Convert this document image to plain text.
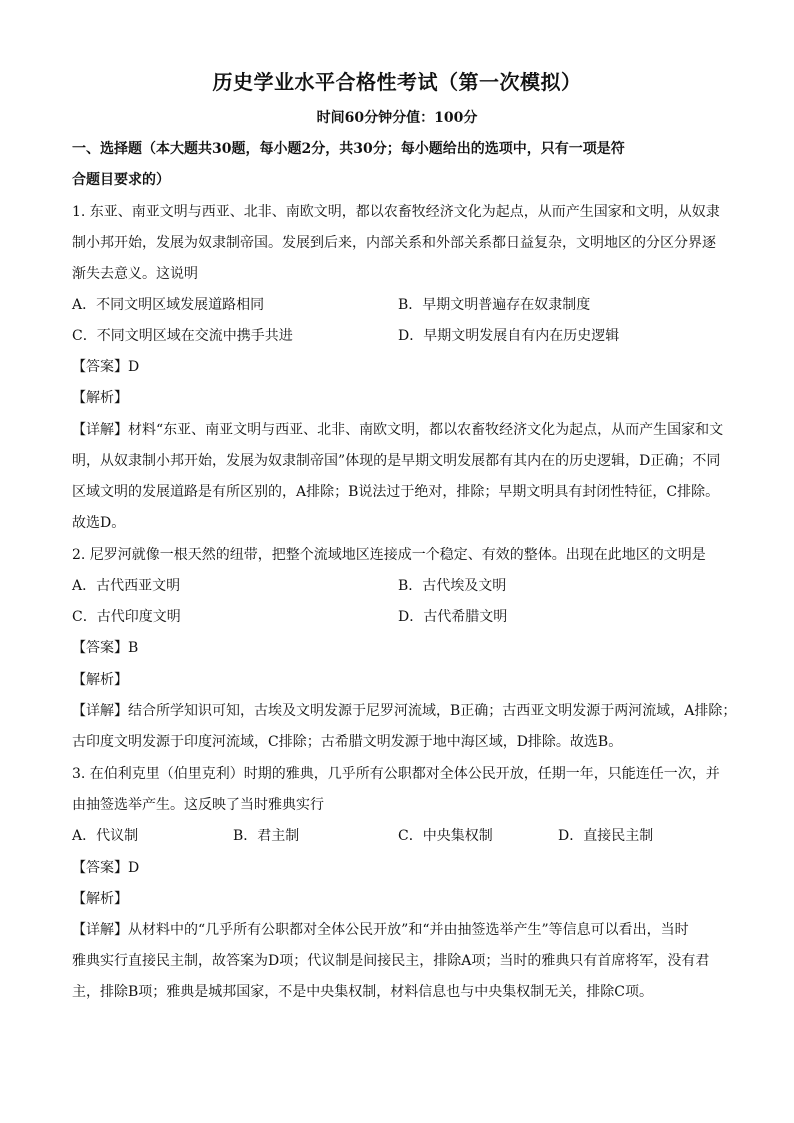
历史学业水平合格性考试（第一次模拟）
时间60分钟分值：100分
一、选择题（本大题共30题，每小题2分，共30分；每小题给出的选项中，只有一项是符
合题目要求的）
1. 东亚、南亚文明与西亚、北非、南欧文明，都以农畜牧经济文化为起点，从而产生国家和文明，从奴隶
制小邦开始，发展为奴隶制帝国。发展到后来，内部关系和外部关系都日益复杂，文明地区的分区分界逐
渐失去意义。这说明
A．不同文明区域发展道路相同	B．早期文明普遍存在奴隶制度
C．不同文明区域在交流中携手共进	D．早期文明发展自有内在历史逻辑
【答案】D
【解析】
【详解】材料“东亚、南亚文明与西亚、北非、南欧文明，都以农畜牧经济文化为起点，从而产生国家和文
明，从奴隶制小邦开始，发展为奴隶制帝国”体现的是早期文明发展都有其内在的历史逻辑，D正确；不同
区域文明的发展道路是有所区别的，A排除；B说法过于绝对，排除；早期文明具有封闭性特征，C排除。
故选D。
2. 尼罗河就像一根天然的纽带，把整个流域地区连接成一个稳定、有效的整体。出现在此地区的文明是
A．古代西亚文明	B．古代埃及文明
C．古代印度文明	D．古代希腊文明
【答案】B
【解析】
【详解】结合所学知识可知，古埃及文明发源于尼罗河流域，B正确；古西亚文明发源于两河流域，A排除；
古印度文明发源于印度河流域，C排除；古希腊文明发源于地中海区域，D排除。故选B。
3. 在伯利克里（伯里克利）时期的雅典，几乎所有公职都对全体公民开放，任期一年，只能连任一次，并
由抽签选举产生。这反映了当时雅典实行
A．代议制	B．君主制	C．中央集权制	D．直接民主制
【答案】D
【解析】
【详解】从材料中的“几乎所有公职都对全体公民开放”和“并由抽签选举产生”等信息可以看出，当时
雅典实行直接民主制，故答案为D项；代议制是间接民主，排除A项；当时的雅典只有首席将军，没有君
主，排除B项；雅典是城邦国家，不是中央集权制，材料信息也与中央集权制无关，排除C项。
